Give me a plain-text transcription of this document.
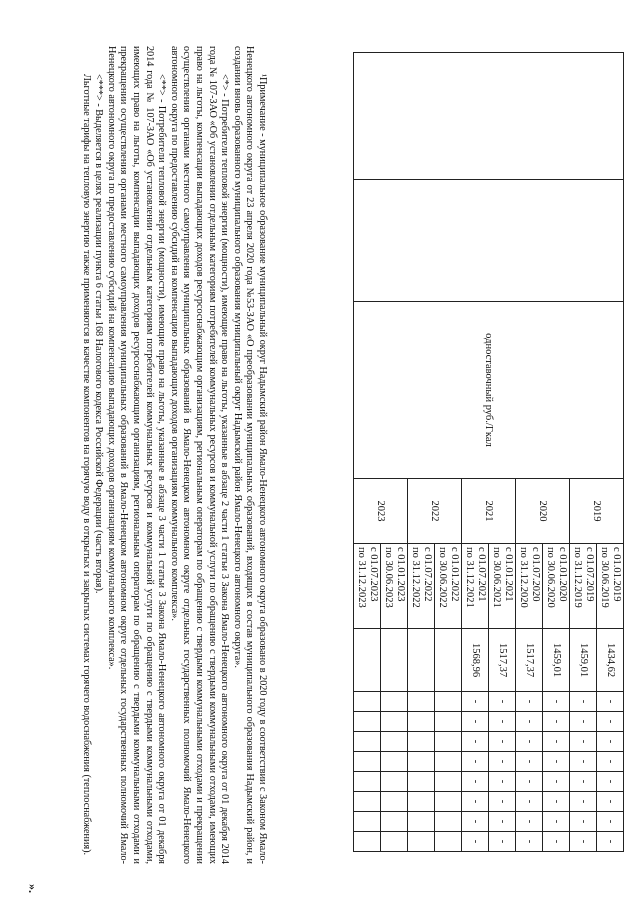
		одноставочный руб./Гкал	2019	с 01.01.2019
по 30.06.2019	1434,62	-	-	-	-	-	-	-	-

				с 01.07.2019
по 31.12.2019	1459,01	-	-	-	-	-	-	-	-
			2020	с 01.01.2020
по 30.06.2020	1459,01	-	-	-	-	-	-	-	-

				с 01.07.2020
по 31.12.2020	1517,37	-	-	-	-	-	-	-	-
			2021	с 01.01.2021
по 30.06.2021	1517,37	-	-	-	-	-	-	-	-

				с 01.07.2021
по 31.12.2021	1568,96	-	-	-	-	-	-	-	-
			2022	с 01.01.2022
по 30.06.2022									

				с 01.07.2022
по 31.12.2022									

			2023	с 01.01.2023
по 30.06.2023									

				с 01.07.2023
по 31.12.2023									

¹Примечание - муниципальное образование муниципальный округ Надымский район Ямало-Ненецкого автономного округа образовано в 2020 году в соответствии с Законом Ямало-Ненецкого автономного округа от 23 апреля 2020 года №53-ЗАО «О преобразовании муниципальных образований, входящих в состав муниципального образования Надымский район, и создании вновь образованного муниципального образования муниципальный округ Надымский район Ямало-Ненецкого автономного округа».

<*> - Потребители тепловой энергии (мощности), имеющие право на льготы, указанные в абзаце 2 части 1 статьи 3 Закона Ямало-Ненецкого автономного округа от 01 декабря 2014 года № 107-ЗАО «Об установлении отдельным категориям потребителей коммунальных ресурсов и коммунальной услуги по обращению с твердыми коммунальными отходами, имеющих право на льготы, компенсации выпадающих доходов ресурсоснабжающим организациям, региональным операторам по обращению с твердыми коммунальными отходами и прекращении осуществления органами местного самоуправления муниципальных образований в Ямало-Ненецком автономном округе отдельных государственных полномочий Ямало-Ненецкого автономного округа по предоставлению субсидий на компенсацию выпадающих доходов организациям коммунального комплекса».

<**> - Потребители тепловой энергии (мощности), имеющие право на льготы, указанные в абзаце 3 части 1 статьи 3 Закона Ямало-Ненецкого автономного округа от 01 декабря 2014 года № 107-ЗАО «Об установлении отдельным категориям потребителей коммунальных ресурсов и коммунальной услуги по обращению с твердыми коммунальными отходами, имеющих право на льготы, компенсации выпадающих доходов ресурсоснабжающим организациям, региональным операторам по обращению с твердыми коммунальными отходами и прекращении осуществления органами местного самоуправления муниципальных образований в Ямало-Ненецком автономном округе отдельных государственных полномочий Ямало-Ненецкого автономного округа по предоставлению субсидий на компенсацию выпадающих доходов организациям коммунального комплекса».

<***> - Выделяется в целях реализации пункта 6 статьи 168 Налогового кодекса Российской Федерации (часть вторая).

Льготные тарифы на тепловую энергию также применяются в качестве компонентов на горячую воду в открытых и закрытых системах горячего водоснабжения (теплоснабжения).

».
